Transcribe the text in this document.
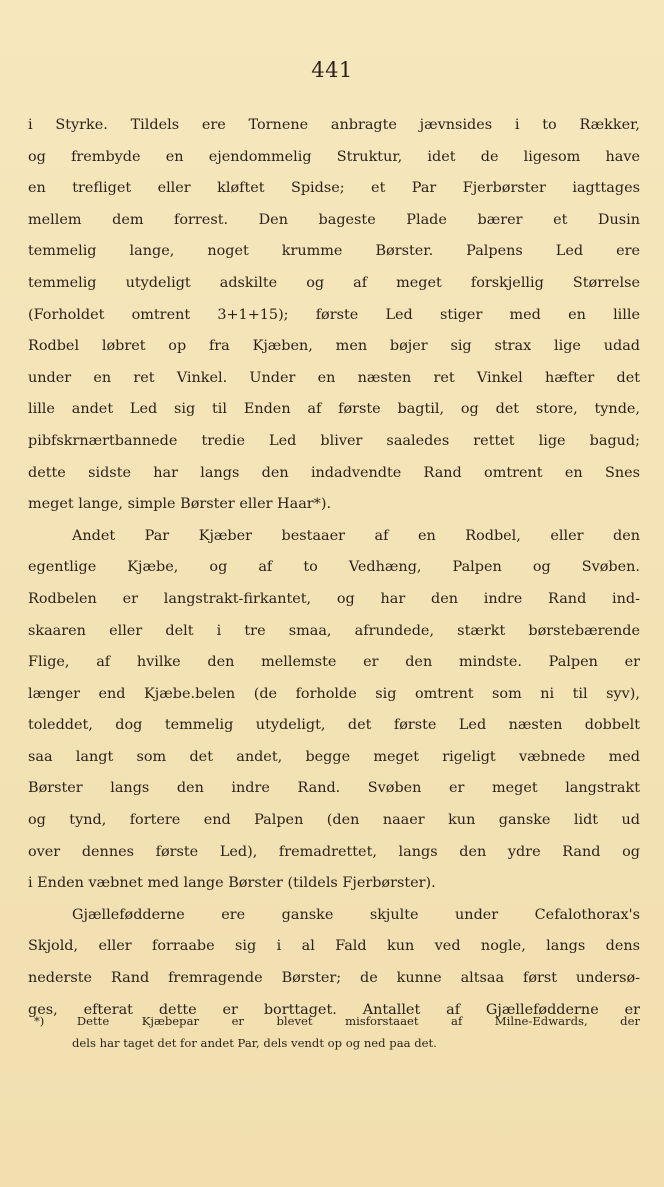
441
i Styrke. Tildels ere Tornene anbragte jævnsides i to Rækker,
og frembyde en ejendommelig Struktur, idet de ligesom have
en trefliget eller kløftet Spidse; et Par Fjerbørster iagttages
mellem dem forrest. Den bageste Plade bærer et Dusin
temmelig lange, noget krumme Børster. Palpens Led ere
temmelig utydeligt adskilte og af meget forskjellig Størrelse
(Forholdet omtrent 3+1+15); første Led stiger med en lille
Rodbel løbret op fra Kjæben, men bøjer sig strax lige udad
under en ret Vinkel. Under en næsten ret Vinkel hæfter det
lille andet Led sig til Enden af første bagtil, og det store, tynde,
pibfskrnærtbannede tredie Led bliver saaledes rettet lige bagud;
dette sidste har langs den indadvendte Rand omtrent en Snes
meget lange, simple Børster eller Haar*).
Andet Par Kjæber bestaaer af en Rodbel, eller den
egentlige Kjæbe, og af to Vedhæng, Palpen og Svøben.
Rodbelen er langstrakt-firkantet, og har den indre Rand ind-
skaaren eller delt i tre smaa, afrundede, stærkt børstebærende
Flige, af hvilke den mellemste er den mindste. Palpen er
længer end Kjæbe.belen (de forholde sig omtrent som ni til syv),
toleddet, dog temmelig utydeligt, det første Led næsten dobbelt
saa langt som det andet, begge meget rigeligt væbnede med
Børster langs den indre Rand. Svøben er meget langstrakt
og tynd, fortere end Palpen (den naaer kun ganske lidt ud
over dennes første Led), fremadrettet, langs den ydre Rand og
i Enden væbnet med lange Børster (tildels Fjerbørster).
Gjællefødderne ere ganske skjulte under Cefalothorax's
Skjold, eller forraabe sig i al Fald kun ved nogle, langs dens
nederste Rand fremragende Børster; de kunne altsaa først undersø-
ges, efterat dette er borttaget. Antallet af Gjællefødderne er
*) Dette Kjæbepar er blevet misforstaaet af Milne-Edwards, der
dels har taget det for andet Par, dels vendt op og ned paa det.
